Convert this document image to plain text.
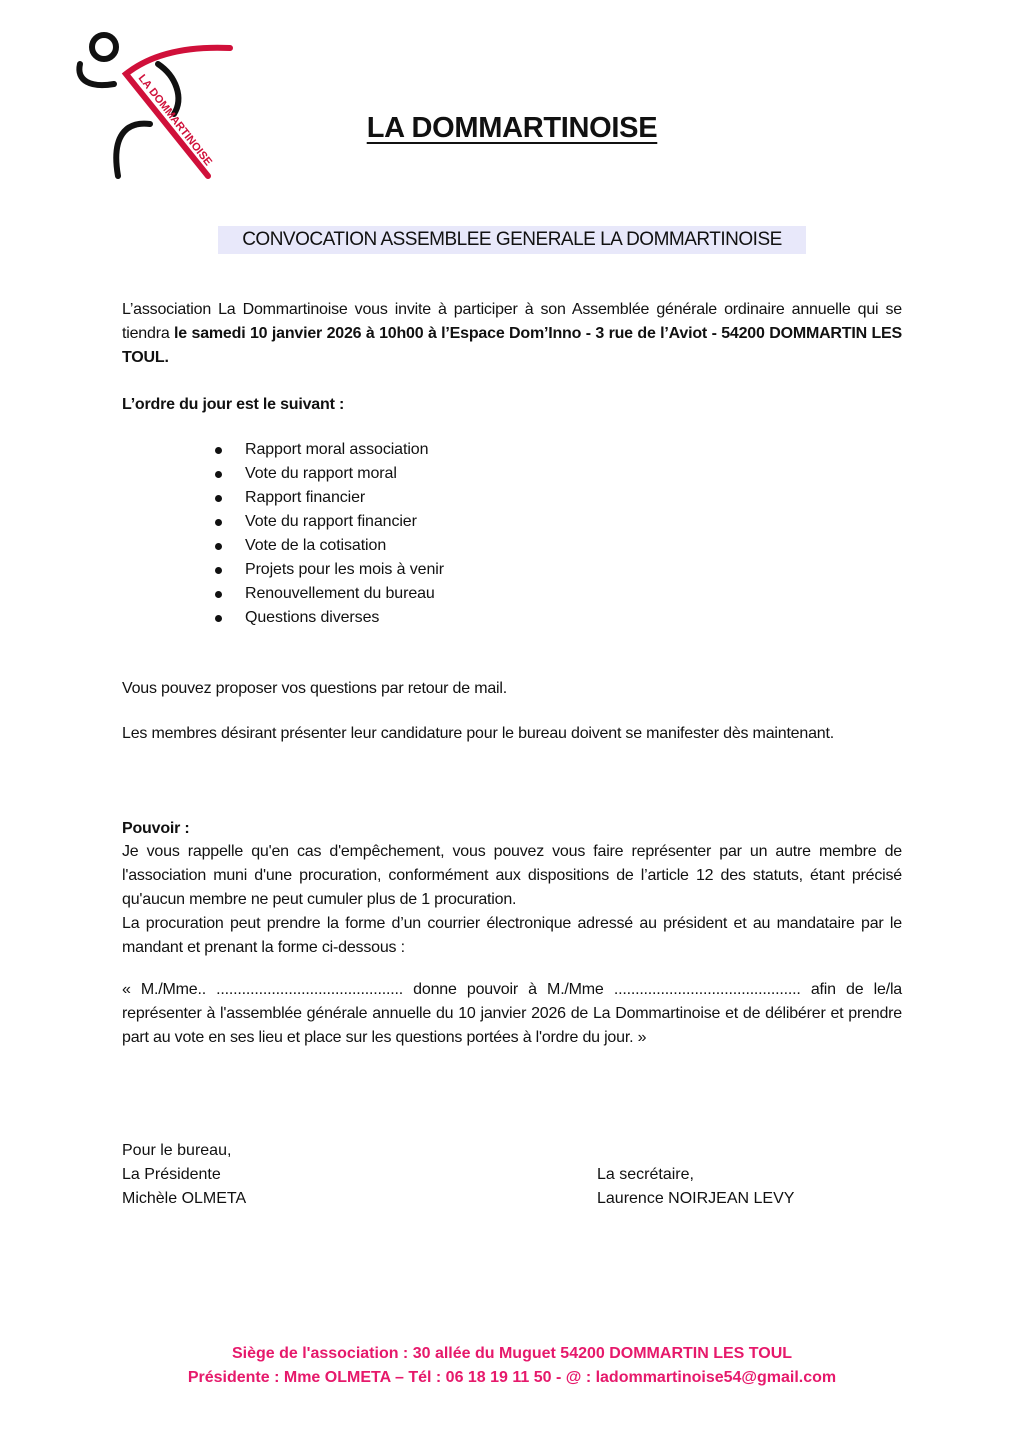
LA DOMMARTINOISE	LA DOMMARTINOISE
CONVOCATION ASSEMBLEE GENERALE LA DOMMARTINOISE
L’association La Dommartinoise vous invite à participer à son Assemblée générale ordinaire annuelle qui se tiendra le samedi 10 janvier 2026 à 10h00 à l’Espace Dom’Inno - 3 rue de l’Aviot - 54200 DOMMARTIN LES TOUL.
L’ordre du jour est le suivant :
Rapport moral association
Vote du rapport moral
Rapport financier
Vote du rapport financier
Vote de la cotisation
Projets pour les mois à venir
Renouvellement du bureau
Questions diverses
Vous pouvez proposer vos questions par retour de mail.
Les membres désirant présenter leur candidature pour le bureau doivent se manifester dès maintenant.
Pouvoir :
Je vous rappelle qu'en cas d'empêchement, vous pouvez vous faire représenter par un autre membre de l'association muni d'une procuration, conformément aux dispositions de l’article 12 des statuts, étant précisé qu'aucun membre ne peut cumuler plus de 1 procuration.
La procuration peut prendre la forme d’un courrier électronique adressé au président et au mandataire par le mandant et prenant la forme ci-dessous :
« M./Mme.. ............................................ donne pouvoir à M./Mme ............................................ afin de le/la représenter à l'assemblée générale annuelle du 10 janvier 2026 de La Dommartinoise et de délibérer et prendre part au vote en ses lieu et place sur les questions portées à l'ordre du jour. »
Pour le bureau,
La Présidente
Michèle OLMETA
La secrétaire,
Laurence NOIRJEAN LEVY
Siège de l'association : 30 allée du Muguet 54200 DOMMARTIN LES TOUL
Présidente : Mme OLMETA – Tél : 06 18 19 11 50 - @ : ladommartinoise54@gmail.com
